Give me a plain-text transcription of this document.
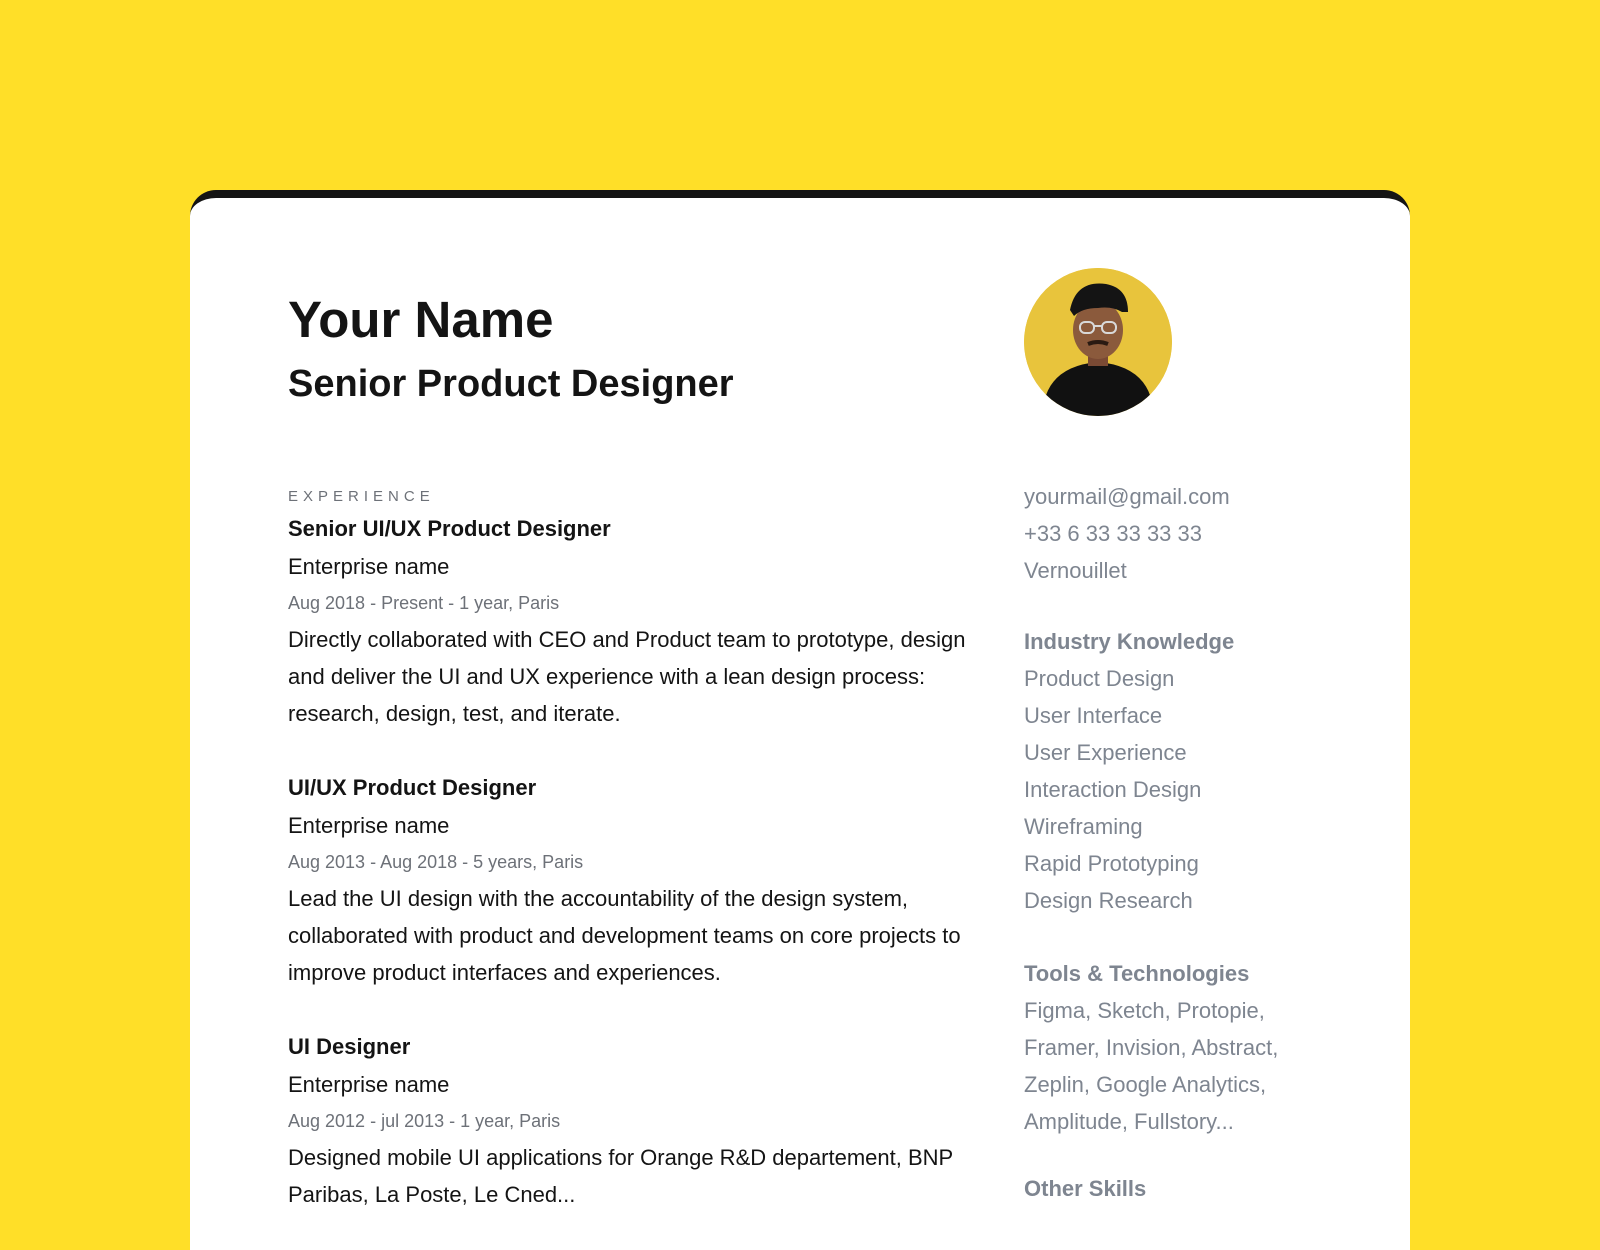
Your Name
Senior Product Designer
EXPERIENCE
Senior UI/UX Product Designer
Enterprise name
Aug 2018 - Present - 1 year, Paris
Directly collaborated with CEO and Product team to prototype, design and deliver the UI and UX experience with a lean design process: research, design, test, and iterate.
UI/UX Product Designer
Enterprise name
Aug 2013 - Aug 2018 - 5 years, Paris
Lead the UI design with the accountability of the design system, collaborated with product and development teams on core projects to improve product interfaces and experiences.
UI Designer
Enterprise name
Aug 2012 - jul 2013 - 1 year, Paris
Designed mobile UI applications for Orange R&D departement, BNP Paribas, La Poste, Le Cned...
yourmail@gmail.com
+33 6 33 33 33 33
Vernouillet
Industry Knowledge
Product Design
User Interface
User Experience
Interaction Design
Wireframing
Rapid Prototyping
Design Research
Tools & Technologies
Figma, Sketch, Protopie,
Framer, Invision, Abstract,
Zeplin, Google Analytics,
Amplitude, Fullstory...
Other Skills
